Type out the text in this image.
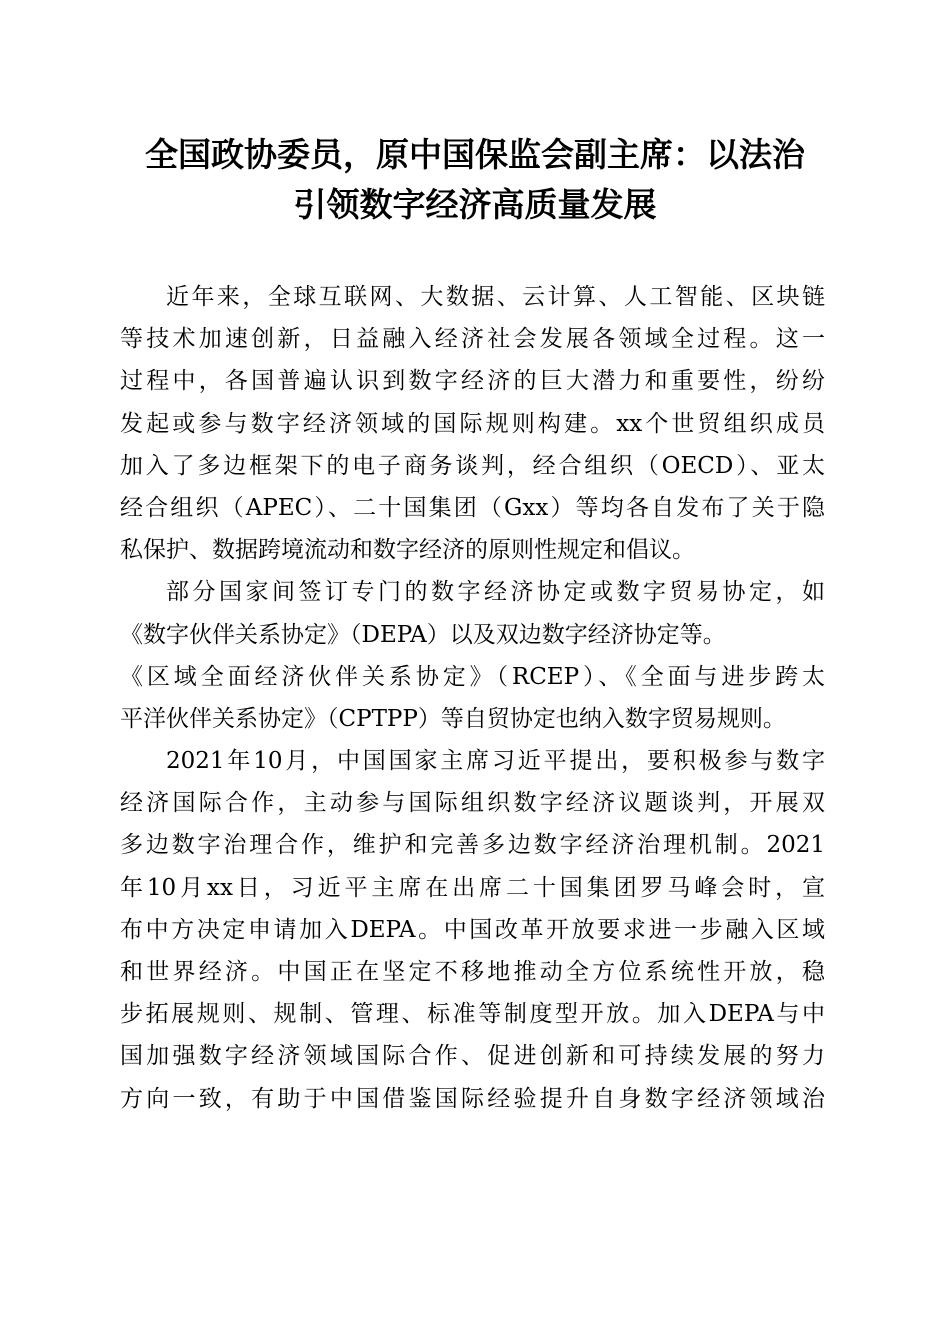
全国政协委员，原中国保监会副主席：以法治
引领数字经济高质量发展
近年来，全球互联网、大数据、云计算、人工智能、区块链
等技术加速创新，日益融入经济社会发展各领域全过程。这一
过程中，各国普遍认识到数字经济的巨大潜力和重要性，纷纷
发起或参与数字经济领域的国际规则构建。xx个世贸组织成员
加入了多边框架下的电子商务谈判，经合组织（OECD）、亚太
经合组织（APEC）、二十国集团（Gxx）等均各自发布了关于隐
私保护、数据跨境流动和数字经济的原则性规定和倡议。
部分国家间签订专门的数字经济协定或数字贸易协定，如
《数字伙伴关系协定》（DEPA）以及双边数字经济协定等。
《区域全面经济伙伴关系协定》（RCEP）、《全面与进步跨太
平洋伙伴关系协定》（CPTPP）等自贸协定也纳入数字贸易规则。
2021年10月，中国国家主席习近平提出，要积极参与数字
经济国际合作，主动参与国际组织数字经济议题谈判，开展双
多边数字治理合作，维护和完善多边数字经济治理机制。2021
年10月xx日，习近平主席在出席二十国集团罗马峰会时，宣
布中方决定申请加入DEPA。中国改革开放要求进一步融入区域
和世界经济。中国正在坚定不移地推动全方位系统性开放，稳
步拓展规则、规制、管理、标准等制度型开放。加入DEPA与中
国加强数字经济领域国际合作、促进创新和可持续发展的努力
方向一致，有助于中国借鉴国际经验提升自身数字经济领域治
